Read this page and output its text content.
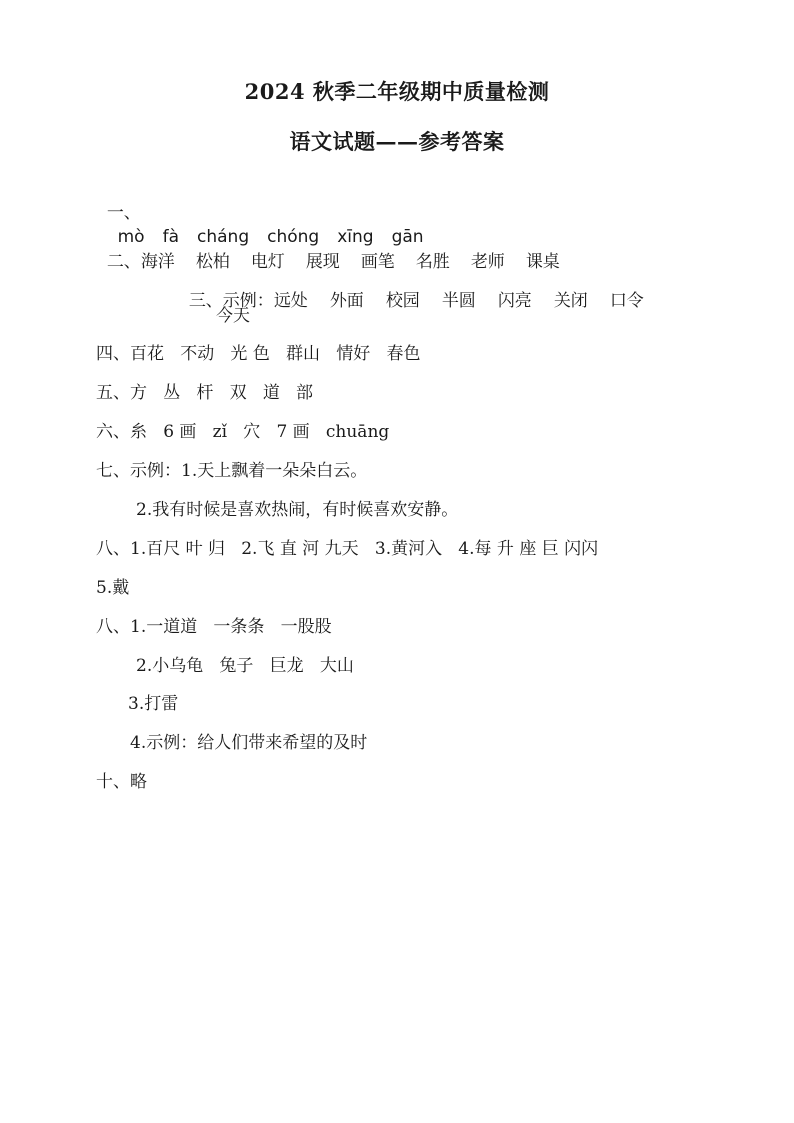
2024 秋季二年级期中质量检测
语文试题——参考答案

一、
mò fà cháng chóng xīng gān

二、海洋 松柏 电灯 展现 画笔 名胜 老师 课桌

三、示例：远处 外面 校园 半圆 闪亮 关闭 口令

今天
四、百花   不动   光 色   群山   情好   春色
五、方   丛   杆   双   道   部
六、糸   6 画   zǐ   穴   7 画   chuāng
七、示例：1.天上飘着一朵朵白云。
2.我有时候是喜欢热闹，有时候喜欢安静。
八、1.百尺 叶 归   2.飞 直 河 九天   3.黄河入   4.每 升 座 巨 闪闪
5.戴
八、1.一道道   一条条   一股股
2.小乌龟   兔子   巨龙   大山
3.打雷
4.示例：给人们带来希望的及时
十、略
